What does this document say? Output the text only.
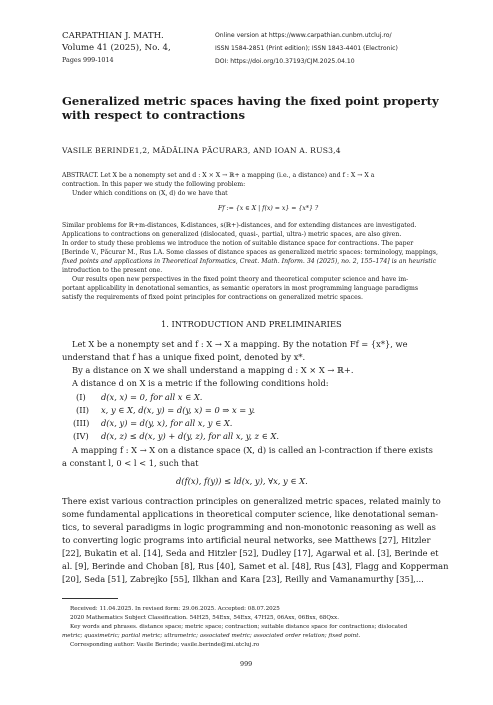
CARPATHIAN J. MATH.
Volume 41 (2025), No. 4,
Pages 999-1014
Online version at https://www.carpathian.cunbm.utcluj.ro/
ISSN 1584-2851 (Print edition); ISSN 1843-4401 (Electronic)
DOI: https://doi.org/10.37193/CJM.2025.04.10
Generalized metric spaces having the fixed point property
with respect to contractions
VASILE BERINDE1,2, MĂDĂLINA PĂCURAR3, AND IOAN A. RUS3,4
ABSTRACT. Let X be a nonempty set and d : X × X → ℝ+ a mapping (i.e., a distance) and f : X → X a
contraction. In this paper we study the following problem:
Under which conditions on (X, d) do we have that
Ff := {x ∈ X | f(x) = x} = {x*} ?
Similar problems for ℝ+m-distances, K-distances, s(ℝ+)-distances, and for extending distances are investigated.
Applications to contractions on generalized (dislocated, quasi-, partial, ultra-) metric spaces, are also given.
In order to study these problems we introduce the notion of suitable distance space for contractions. The paper
[Berinde V., Păcurar M., Rus I.A. Some classes of distance spaces as generalized metric spaces: terminology, mappings,
fixed points and applications in Theoretical Informatics, Creat. Math. Inform. 34 (2025), no. 2, 155–174] is an heuristic
introduction to the present one.
Our results open new perspectives in the fixed point theory and theoretical computer science and have im-
portant applicability in denotational semantics, as semantic operators in most programming language paradigms
satisfy the requirements of fixed point principles for contractions on generalized metric spaces.
1. INTRODUCTION AND PRELIMINARIES
Let X be a nonempty set and f : X → X a mapping. By the notation Ff = {x*}, we
understand that f has a unique fixed point, denoted by x*.
By a distance on X we shall understand a mapping d : X × X → ℝ+.
A distance d on X is a metric if the following conditions hold:
(I) d(x, x) = 0, for all x ∈ X.
(II) x, y ∈ X, d(x, y) = d(y, x) = 0 ⇒ x = y.
(III) d(x, y) = d(y, x), for all x, y ∈ X.
(IV) d(x, z) ≤ d(x, y) + d(y, z), for all x, y, z ∈ X.
A mapping f : X → X on a distance space (X, d) is called an l-contraction if there exists
a constant l, 0 < l < 1, such that
d(f(x), f(y)) ≤ ld(x, y), ∀x, y ∈ X.
There exist various contraction principles on generalized metric spaces, related mainly to
some fundamental applications in theoretical computer science, like denotational seman-
tics, to several paradigms in logic programming and non-monotonic reasoning as well as
to converting logic programs into artificial neural networks, see Matthews [27], Hitzler
[22], Bukatin et al. [14], Seda and Hitzler [52], Dudley [17], Agarwal et al. [3], Berinde et
al. [9], Berinde and Choban [8], Rus [40], Samet et al. [48], Rus [43], Flagg and Kopperman
[20], Seda [51], Zabrejko [55], Ilkhan and Kara [23], Reilly and Vamanamurthy [35],...
Received: 11.04.2025. In revised form: 29.06.2025. Accepted: 08.07.2025
2020 Mathematics Subject Classification. 54H25, 54Exx, 54Exx, 47H25, 06Axx, 06Bxx, 68Qxx.
Key words and phrases. distance space; metric space; contraction; suitable distance space for contractions; dislocated
metric; quasimetric; partial metric; ultrametric; associated metric; associated order relation; fixed point.
Corresponding author: Vasile Berinde; vasile.berinde@mi.utcluj.ro
999
